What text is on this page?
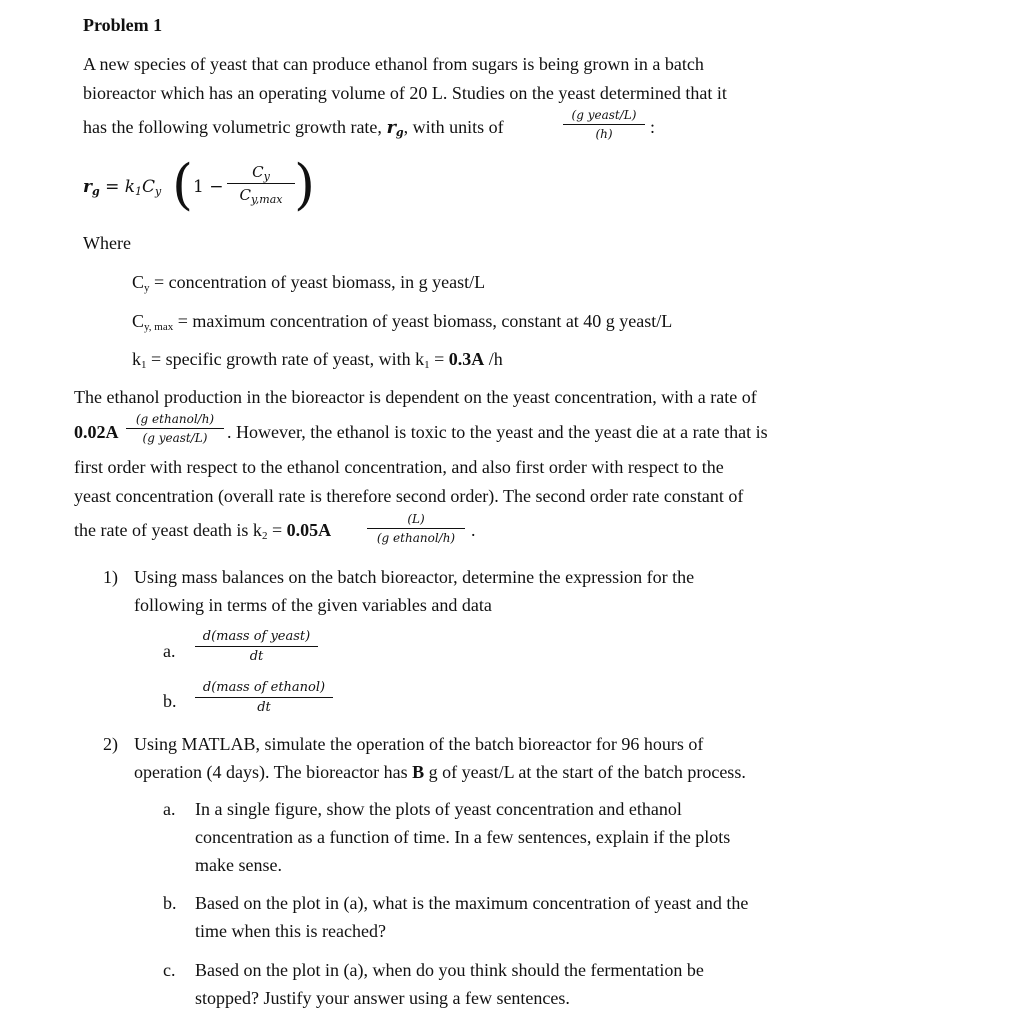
Problem 1
A new species of yeast that can produce ethanol from sugars is being grown in a batch
bioreactor which has an operating volume of 20 L. Studies on the yeast determined that it
has the following volumetric growth rate, $r_g$, with units of
(g yeast/L)
(h)	:
$r_g = k_1C_y$ ( 1 −
$C_y$
$C_{y,max}$ )
Where
$C_y$ = concentration of yeast biomass, in g yeast/L
$C_{y, max}$ = maximum concentration of yeast biomass, constant at 40 g yeast/L
$k_1$ = specific growth rate of yeast, with $k_1 = 0.3A$ /h
The ethanol production in the bioreactor is dependent on the yeast concentration, with a rate of
0.02A
(g ethanol/h)
(g yeast/L)	. However, the ethanol is toxic to the yeast and the yeast die at a rate that is
first order with respect to the ethanol concentration, and also first order with respect to the
yeast concentration (overall rate is therefore second order). The second order rate constant of
the rate of yeast death is $k_2 = 0.05A$
(L)
(g ethanol/h) .
1) Using mass balances on the batch bioreactor, determine the expression for the
following in terms of the given variables and data
a.
d(mass of yeast)
dt
b.
d(mass of ethanol)
dt
2) Using MATLAB, simulate the operation of the batch bioreactor for 96 hours of
operation (4 days). The bioreactor has B g of yeast/L at the start of the batch process.
a. In a single figure, show the plots of yeast concentration and ethanol
concentration as a function of time. In a few sentences, explain if the plots
make sense.
b. Based on the plot in (a), what is the maximum concentration of yeast and the
time when this is reached?
c. Based on the plot in (a), when do you think should the fermentation be
stopped? Justify your answer using a few sentences.
